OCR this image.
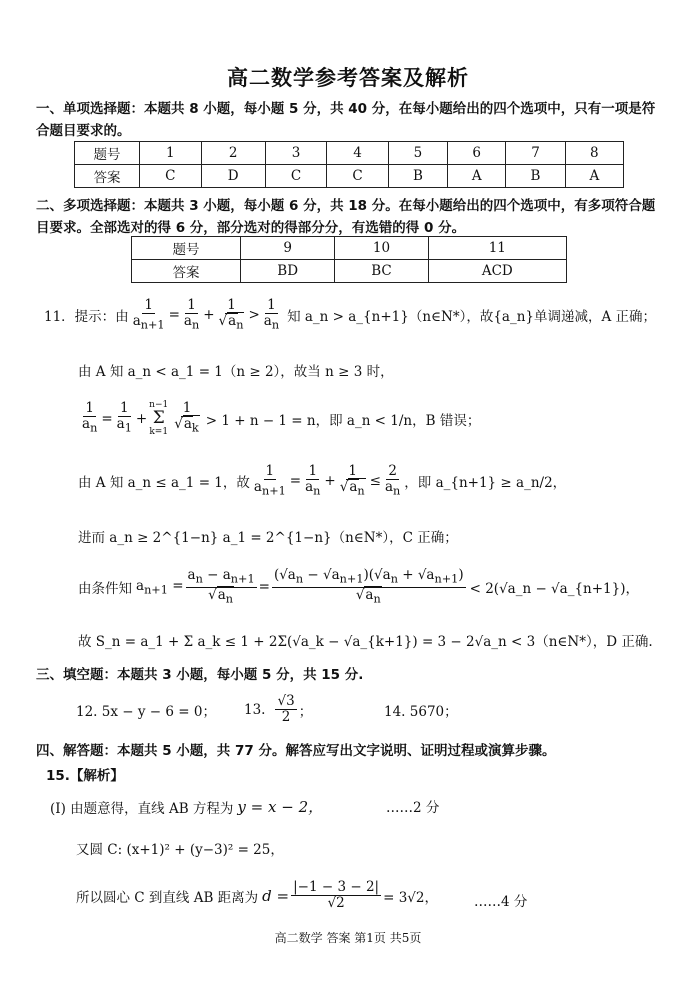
高二数学参考答案及解析
一、单项选择题：本题共 8 小题，每小题 5 分，共 40 分，在每小题给出的四个选项中，只有一项是符合题目要求的。
题号	1	2	3	4	5	6	7	8
答案	C	D	C	C	B	A	B	A
二、多项选择题：本题共 3 小题，每小题 6 分，共 18 分。在每小题给出的四个选项中，有多项符合题目要求。全部选对的得 6 分，部分选对的得部分分，有选错的得 0 分。
题号	9	10	11
答案	BD	BC	ACD
11．提示：由 $\frac{1}{a_{n+1}} = \frac{1}{a_n} + \frac{1}{√a_n} > \frac{1}{a_n}$ 知 a_n > a_{n+1}（n∈N*），故{a_n}单调递减，A 正确；
由 A 知 a_n < a_1 = 1（n ≥ 2），故当 n ≥ 3 时，
$\frac{1}{a_n} = \frac{1}{a_1}$ +
n−1
Σ
$k=1 \frac{1}{√a_k} > 1 + n - 1 = n$，即 a_n < 1/n，B 错误；
由 A 知 a_n ≤ a_1 = 1，故 $\frac{1}{a_{n+1}} = \frac{1}{a_n} + \frac{1}{√a_n} \le \frac{2}{a_n}$ ，即 a_{n+1} ≥ a_n/2，
进而 a_n ≥ 2^{1−n} a_1 = 2^{1−n}（n∈N*），C 正确；
由条件知 $a_{n+1} = \frac{a_n - a_{n+1}}{√a_n} = \frac{(√a_n - √a_{n+1})(√a_n + √a_{n+1})}{√a_n}$ < 2(√a_n − √a_{n+1})，
故 S_n = a_1 + Σ a_k ≤ 1 + 2Σ(√a_k − √a_{k+1}) = 3 − 2√a_n < 3（n∈N*），D 正确.
三、填空题：本题共 3 小题，每小题 5 分，共 15 分.
12. 5x − y − 6 = 0； 13. $\frac{√3}{2}$ ；	14. 5670；
四、解答题：本题共 5 小题，共 77 分。解答应写出文字说明、证明过程或演算步骤。
15.【解析】
(Ⅰ) 由题意得，直线 AB 方程为 y = x − 2，	……2 分
又圆 C: (x+1)² + (y−3)² = 25，
所以圆心 C 到直线 AB 距离为 $d = \frac{|-1 - 3 - 2|}{√2} = 3√2$，	……4 分
高二数学 答案 第1页 共5页
